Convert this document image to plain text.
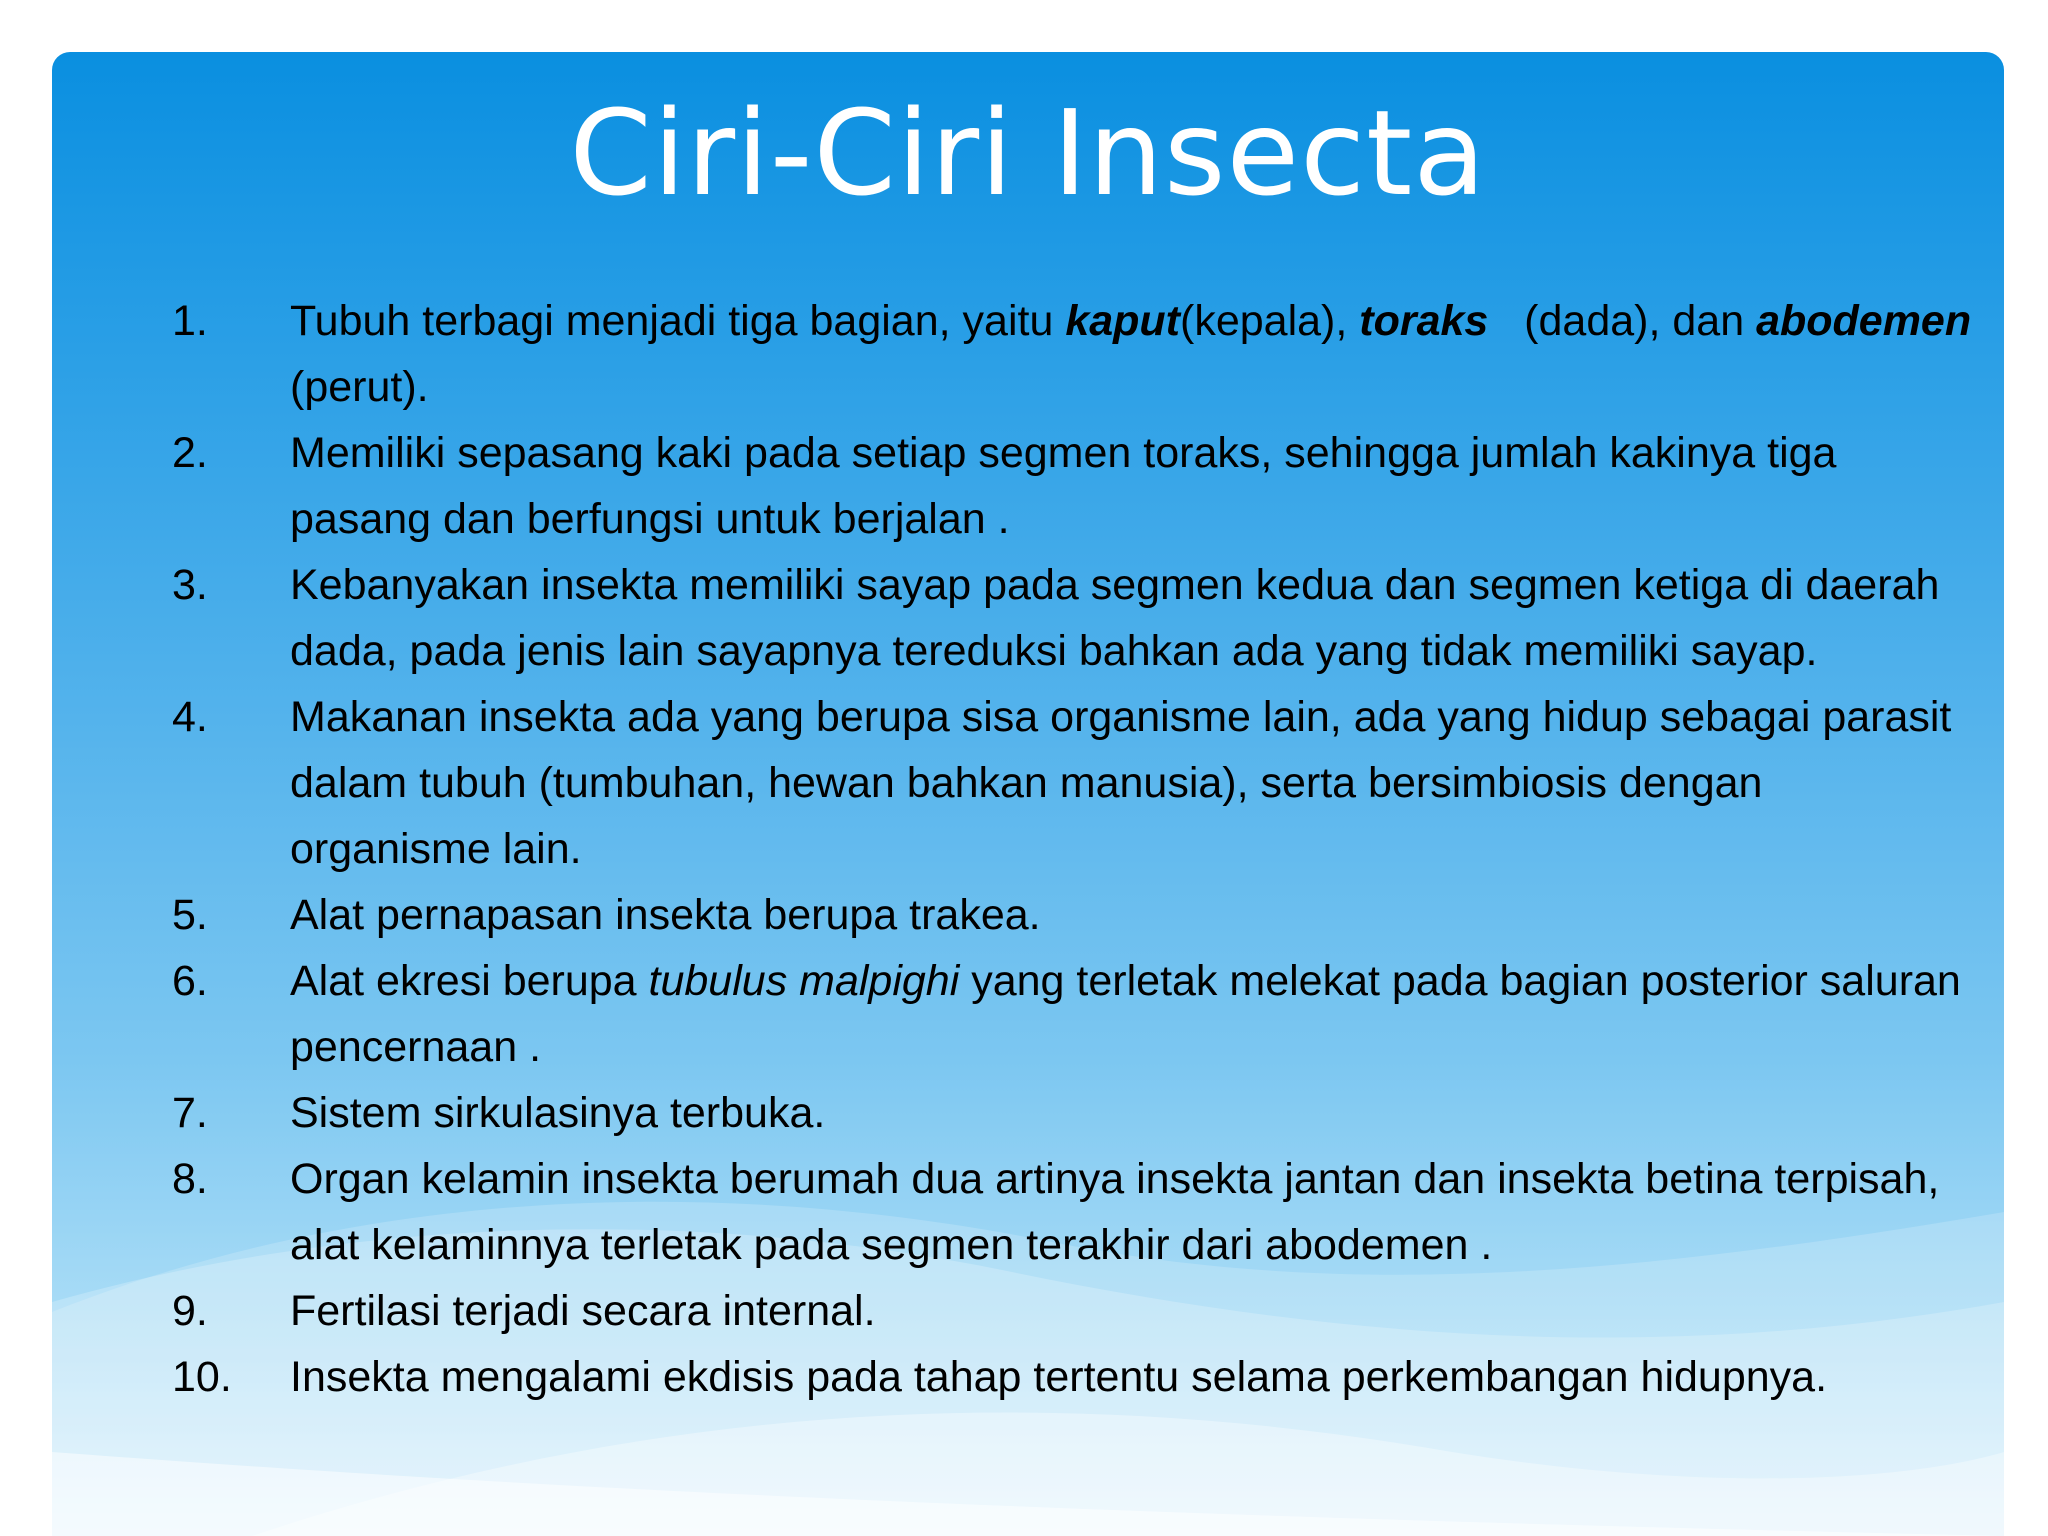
Ciri-Ciri Insecta
1.	Tubuh terbagi menjadi tiga bagian, yaitu kaput(kepala), toraks   (dada), dan abodemen (perut).
2.	Memiliki sepasang kaki pada setiap segmen toraks, sehingga jumlah kakinya tiga pasang dan berfungsi untuk berjalan .
3.	Kebanyakan insekta memiliki sayap pada segmen kedua dan segmen ketiga di daerah dada, pada jenis lain sayapnya tereduksi bahkan ada yang tidak memiliki sayap.
4.	Makanan insekta ada yang berupa sisa organisme lain, ada yang hidup sebagai parasit dalam tubuh (tumbuhan, hewan bahkan manusia), serta bersimbiosis dengan organisme lain.
5.	Alat pernapasan insekta berupa trakea.
6.	Alat ekresi berupa tubulus malpighi yang terletak melekat pada bagian posterior saluran pencernaan .
7.	Sistem sirkulasinya terbuka.
8.	Organ kelamin insekta berumah dua artinya insekta jantan dan insekta betina terpisah, alat kelaminnya terletak pada segmen terakhir dari abodemen .
9.	Fertilasi terjadi secara internal.
10.	Insekta mengalami ekdisis pada tahap tertentu selama perkembangan hidupnya.
